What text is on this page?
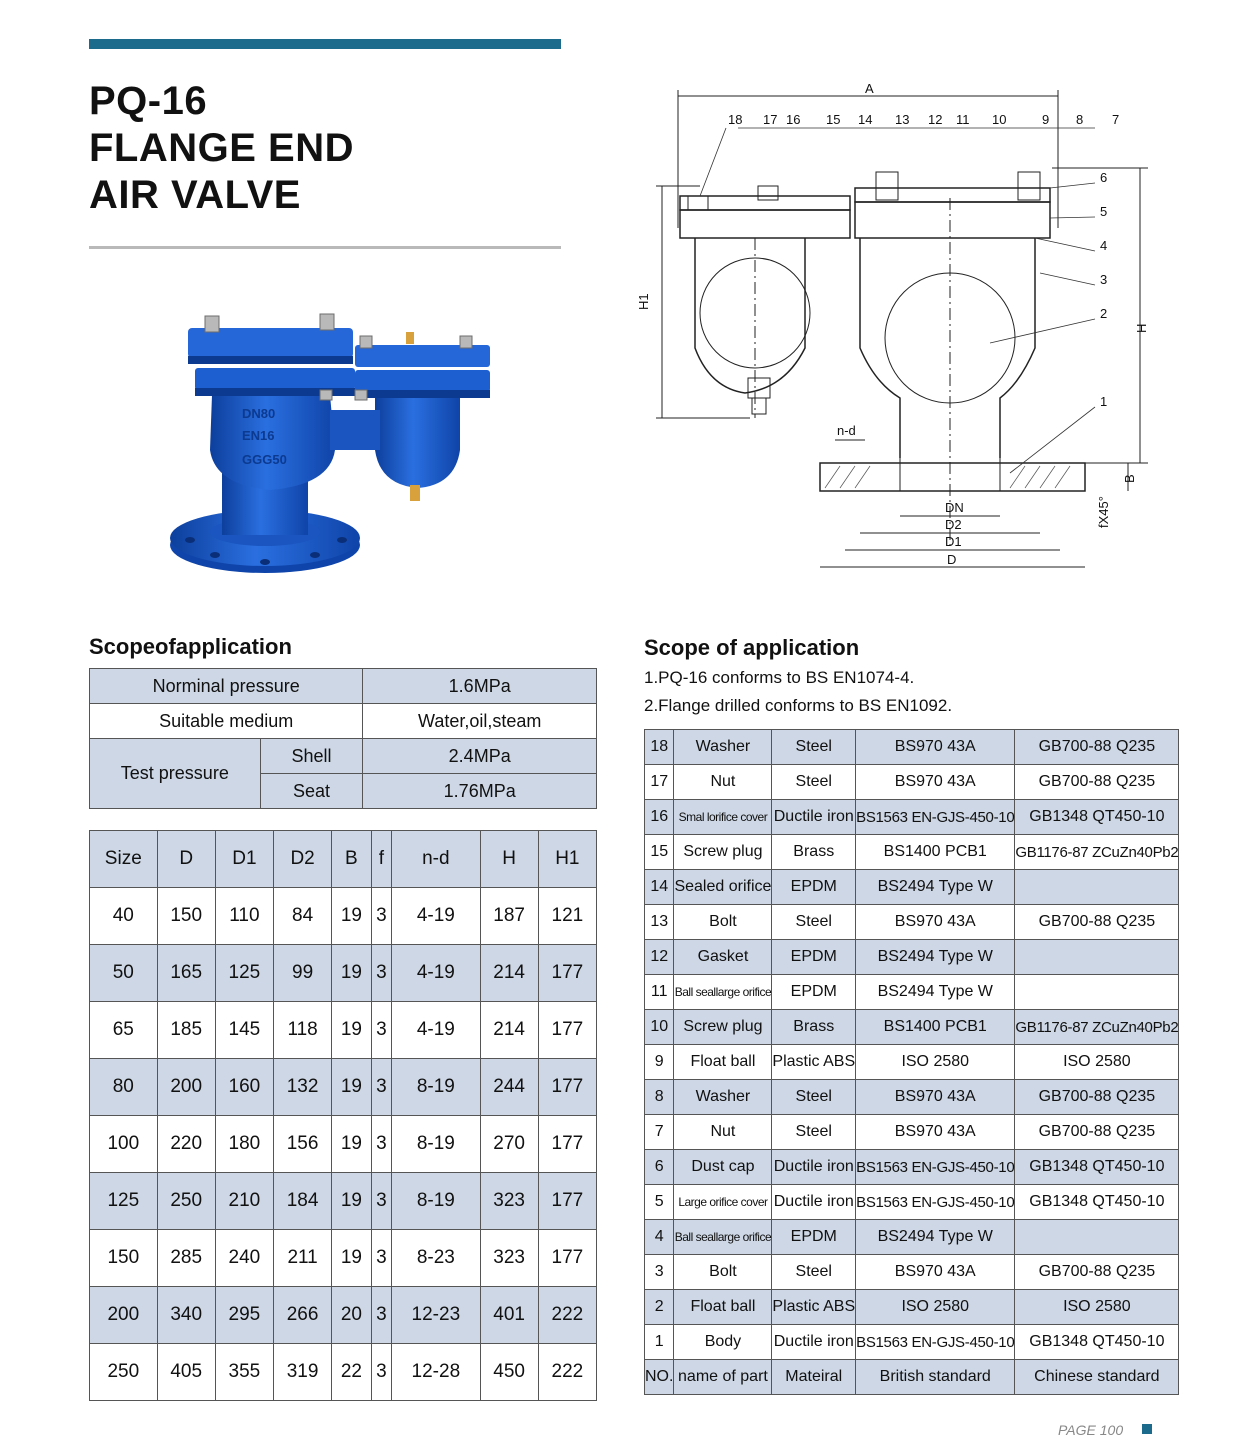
PQ-16
FLANGE END
AIR VALVE
DN80
EN16
GGG50
A
H1
H
B
fX45°
DN
D2
D1
D
n-d
18 17 16 15 14 13 12 11 10	9 8 7
6
5
4
3
2
1
Scopeofapplication
Norminal pressure		1.6MPa
Suitable medium		Water,oil,steam
Test pressure	Shell	2.4MPa
	Seat	1.76MPa
Size	D	D1	D2	B	f	n-d	H	H1
40	150	110	84	19	3	4-19	187	121
50	165	125	99	19	3	4-19	214	177
65	185	145	118	19	3	4-19	214	177
80	200	160	132	19	3	8-19	244	177
100	220	180	156	19	3	8-19	270	177
125	250	210	184	19	3	8-19	323	177
150	285	240	211	19	3	8-23	323	177
200	340	295	266	20	3	12-23	401	222
250	405	355	319	22	3	12-28	450	222
Scope of application
1.PQ-16 conforms to BS EN1074-4.
2.Flange drilled conforms to BS EN1092.
18	Washer	Steel	BS970 43A	GB700-88 Q235
17	Nut	Steel	BS970 43A	GB700-88 Q235
16	Smal lorifice cover	Ductile iron	BS1563 EN-GJS-450-10	GB1348 QT450-10
15	Screw plug	Brass	BS1400 PCB1	GB1176-87 ZCuZn40Pb2
14	Sealed orifice	EPDM	BS2494 Type W	
13	Bolt	Steel	BS970 43A	GB700-88 Q235
12	Gasket	EPDM	BS2494 Type W	
11	Ball seallarge orifice	EPDM	BS2494 Type W	
10	Screw plug	Brass	BS1400 PCB1	GB1176-87 ZCuZn40Pb2
9	Float ball	Plastic ABS	ISO 2580	ISO 2580
8	Washer	Steel	BS970 43A	GB700-88 Q235
7	Nut	Steel	BS970 43A	GB700-88 Q235
6	Dust cap	Ductile iron	BS1563 EN-GJS-450-10	GB1348 QT450-10
5	Large orifice cover	Ductile iron	BS1563 EN-GJS-450-10	GB1348 QT450-10
4	Ball seallarge orifice	EPDM	BS2494 Type W	
3	Bolt	Steel	BS970 43A	GB700-88 Q235
2	Float ball	Plastic ABS	ISO 2580	ISO 2580
1	Body	Ductile iron	BS1563 EN-GJS-450-10	GB1348 QT450-10
NO.	name of part	Mateiral	British standard	Chinese standard
PAGE 100
